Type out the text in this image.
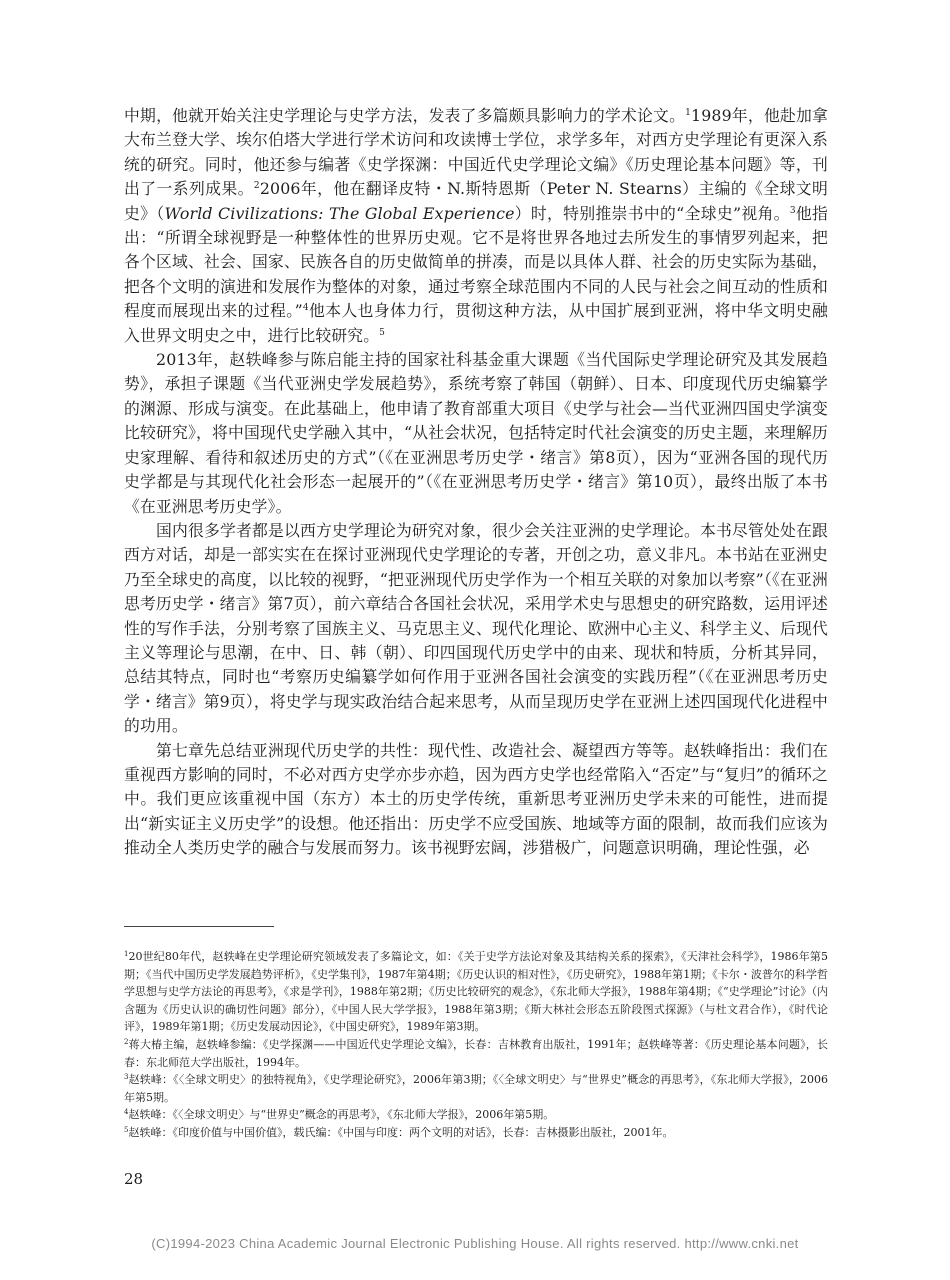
中期，他就开始关注史学理论与史学方法，发表了多篇颇具影响力的学术论文。$^1$1989年，他赴加拿大布兰登大学、埃尔伯塔大学进行学术访问和攻读博士学位，求学多年，对西方史学理论有更深入系统的研究。同时，他还参与编著《史学探渊：中国近代史学理论文编》《历史理论基本问题》等，刊出了一系列成果。$^2$2006年，他在翻译皮特・N.斯特恩斯（Peter N. Stearns）主编的《全球文明史》（World Civilizations: The Global Experience）时，特别推崇书中的“全球史”视角。$^3$他指出：“所谓全球视野是一种整体性的世界历史观。它不是将世界各地过去所发生的事情罗列起来，把各个区域、社会、国家、民族各自的历史做简单的拼凑，而是以具体人群、社会的历史实际为基础，把各个文明的演进和发展作为整体的对象，通过考察全球范围内不同的人民与社会之间互动的性质和程度而展现出来的过程。”$^4$他本人也身体力行，贯彻这种方法，从中国扩展到亚洲，将中华文明史融入世界文明史之中，进行比较研究。$^5$

2013年，赵轶峰参与陈启能主持的国家社科基金重大课题《当代国际史学理论研究及其发展趋势》，承担子课题《当代亚洲史学发展趋势》，系统考察了韩国（朝鲜）、日本、印度现代历史编纂学的渊源、形成与演变。在此基础上，他申请了教育部重大项目《史学与社会—当代亚洲四国史学演变比较研究》，将中国现代史学融入其中，“从社会状况，包括特定时代社会演变的历史主题，来理解历史家理解、看待和叙述历史的方式”（《在亚洲思考历史学・绪言》第8页），因为“亚洲各国的现代历史学都是与其现代化社会形态一起展开的”（《在亚洲思考历史学・绪言》第10页），最终出版了本书《在亚洲思考历史学》。

国内很多学者都是以西方史学理论为研究对象，很少会关注亚洲的史学理论。本书尽管处处在跟西方对话，却是一部实实在在探讨亚洲现代史学理论的专著，开创之功，意义非凡。本书站在亚洲史乃至全球史的高度，以比较的视野，“把亚洲现代历史学作为一个相互关联的对象加以考察”（《在亚洲思考历史学・绪言》第7页），前六章结合各国社会状况，采用学术史与思想史的研究路数，运用评述性的写作手法，分别考察了国族主义、马克思主义、现代化理论、欧洲中心主义、科学主义、后现代主义等理论与思潮，在中、日、韩（朝）、印四国现代历史学中的由来、现状和特质，分析其异同，总结其特点，同时也“考察历史编纂学如何作用于亚洲各国社会演变的实践历程”（《在亚洲思考历史学・绪言》第9页），将史学与现实政治结合起来思考，从而呈现历史学在亚洲上述四国现代化进程中的功用。

第七章先总结亚洲现代历史学的共性：现代性、改造社会、凝望西方等等。赵轶峰指出：我们在重视西方影响的同时，不必对西方史学亦步亦趋，因为西方史学也经常陷入“否定”与“复归”的循环之中。我们更应该重视中国（东方）本土的历史学传统，重新思考亚洲历史学未来的可能性，进而提出“新实证主义历史学”的设想。他还指出：历史学不应受国族、地域等方面的限制，故而我们应该为推动全人类历史学的融合与发展而努力。该书视野宏阔，涉猎极广，问题意识明确，理论性强，必

$^1$20世纪80年代，赵轶峰在史学理论研究领域发表了多篇论文，如：《关于史学方法论对象及其结构关系的探索》，《天津社会科学》，1986年第5期；《当代中国历史学发展趋势评析》，《史学集刊》，1987年第4期；《历史认识的相对性》，《历史研究》，1988年第1期；《卡尔・波普尔的科学哲学思想与史学方法论的再思考》，《求是学刊》，1988年第2期；《历史比较研究的观念》，《东北师大学报》，1988年第4期；《“史学理论”讨论》（内含题为《历史认识的确切性问题》部分），《中国人民大学学报》，1988年第3期；《斯大林社会形态五阶段图式探源》（与杜文君合作），《时代论评》，1989年第1期；《历史发展动因论》，《中国史研究》，1989年第3期。

$^2$蒋大椿主编，赵轶峰参编：《史学探渊——中国近代史学理论文编》，长春：吉林教育出版社，1991年；赵轶峰等著：《历史理论基本问题》，长春：东北师范大学出版社，1994年。

$^3$赵轶峰：《〈全球文明史〉的独特视角》，《史学理论研究》，2006年第3期；《〈全球文明史〉与“世界史”概念的再思考》，《东北师大学报》，2006年第5期。

$^4$赵轶峰：《〈全球文明史〉与“世界史”概念的再思考》，《东北师大学报》，2006年第5期。

$^5$赵轶峰：《印度价值与中国价值》，载氏编：《中国与印度：两个文明的对话》，长春：吉林摄影出版社，2001年。

28
(C)1994-2023 China Academic Journal Electronic Publishing House. All rights reserved. http://www.cnki.net
